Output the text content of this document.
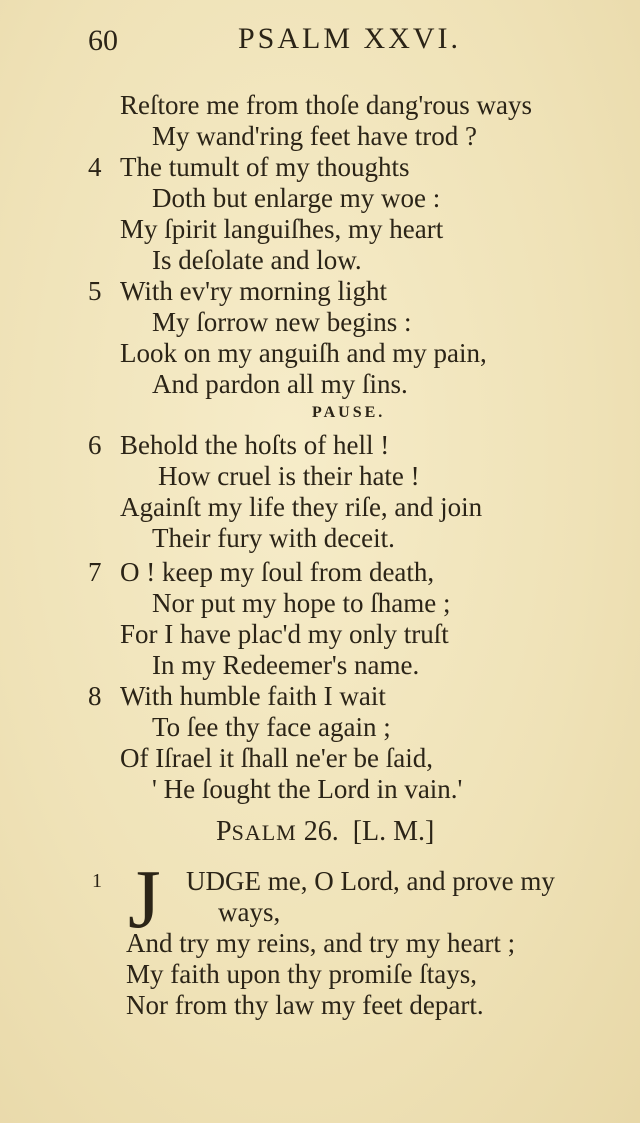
60	PSALM XXVI.
Reſtore me from thoſe dang'rous ways
My wand'ring feet have trod ?
4 The tumult of my thoughts
Doth but enlarge my woe :
My ſpirit languiſhes, my heart
Is deſolate and low.
5 With ev'ry morning light
My ſorrow new begins :
Look on my anguiſh and my pain,
And pardon all my ſins.
PAUSE.
6 Behold the hoſts of hell !
How cruel is their hate !
Againſt my life they riſe, and join
Their fury with deceit.
7 O ! keep my ſoul from death,
Nor put my hope to ſhame ;
For I have plac'd my only truſt
In my Redeemer's name.
8 With humble faith I wait
To ſee thy face again ;
Of Iſrael it ſhall ne'er be ſaid,
' He ſought the Lord in vain.'
PSALM 26. [L. M.]
1 J UDGE me, O Lord, and prove my
ways,
And try my reins, and try my heart ;
My faith upon thy promiſe ſtays,
Nor from thy law my feet depart.
